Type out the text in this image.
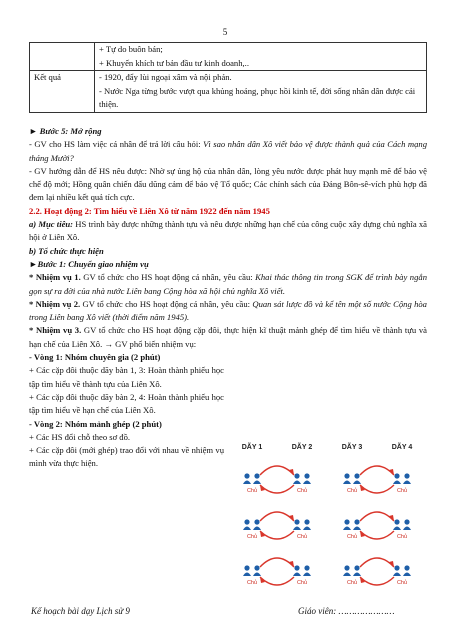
5

	+ Tự do buôn bán;
+ Khuyến khích tư bản đầu tư kinh doanh,..

Kết quả	- 1920, đẩy lùi ngoại xâm và nội phản.
- Nước Nga từng bước vượt qua khủng hoảng, phục hồi kinh tế, đời sống nhân dân được cải thiện.

► Bước 5: Mở rộng

- GV cho HS làm việc cá nhân để trả lời câu hỏi: Vì sao nhân dân Xô viết bảo vệ được thành quả của Cách mạng tháng Mười?

- GV hướng dẫn để HS nêu được: Nhờ sự ủng hộ của nhân dân, lòng yêu nước được phát huy mạnh mẽ để bảo vệ chế độ mới; Hồng quân chiến đấu dũng cảm để bảo vệ Tổ quốc; Các chính sách của Đảng Bôn-sê-vích phù hợp đã đem lại nhiều kết quả tích cực.

2.2. Hoạt động 2: Tìm hiểu về Liên Xô từ năm 1922 đến năm 1945

a) Mục tiêu: HS trình bày được những thành tựu và nêu được những hạn chế của công cuộc xây dựng chủ nghĩa xã hội ở Liên Xô.

b) Tổ chức thực hiện

►Bước 1: Chuyển giao nhiệm vụ

* Nhiệm vụ 1. GV tổ chức cho HS hoạt động cá nhân, yêu cầu: Khai thác thông tin trong SGK để trình bày ngắn gọn sự ra đời của nhà nước Liên bang Cộng hòa xã hội chủ nghĩa Xô viết.

* Nhiệm vụ 2. GV tổ chức cho HS hoạt động cá nhân, yêu cầu: Quan sát lược đồ và kể tên một số nước Cộng hòa trong Liên bang Xô viết (thời điểm năm 1945).

* Nhiệm vụ 3. GV tổ chức cho HS hoạt động cặp đôi, thực hiện kĩ thuật mảnh ghép để tìm hiểu về thành tựu và hạn chế của Liên Xô. → GV phổ biến nhiệm vụ:

- Vòng 1: Nhóm chuyên gia (2 phút)

+ Các cặp đôi thuộc dãy bàn 1, 3: Hoàn thành phiếu học tập tìm hiểu về thành tựu của Liên Xô.

+ Các cặp đôi thuộc dãy bàn 2, 4: Hoàn thành phiếu học tập tìm hiểu về hạn chế của Liên Xô.

- Vòng 2: Nhóm mảnh ghép (2 phút)

+ Các HS đổi chỗ theo sơ đồ.

+ Các cặp đôi (mới ghép) trao đổi với nhau về nhiệm vụ mình vừa thực hiện.

DÃY 1	DÃY 2	DÃY 3	DÃY 4
Chủ	Chủ	Chủ	Chủ
Chủ	Chủ	Chủ	Chủ
Chủ	Chủ	Chủ	Chủ
Kế hoạch bài dạy Lịch sử 9	Giáo viên: …………………
